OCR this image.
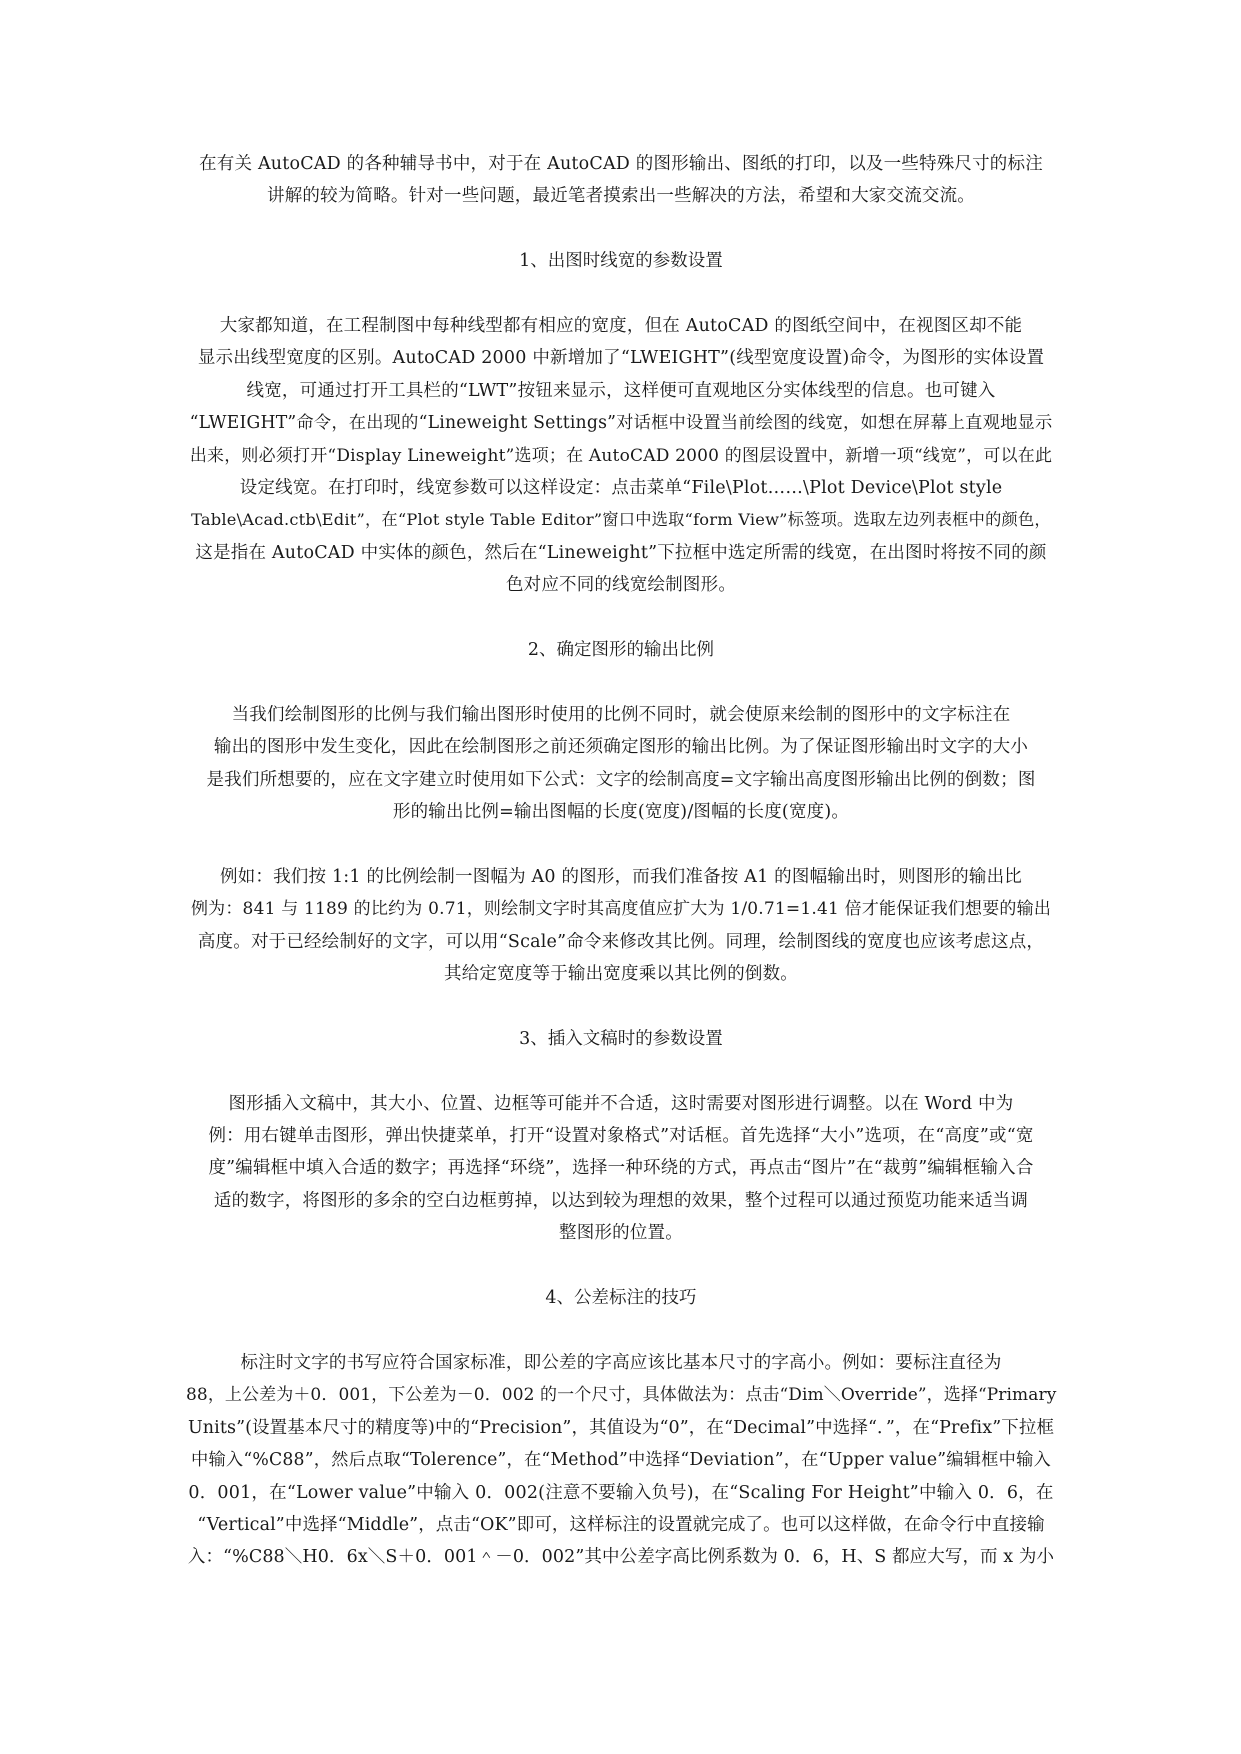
在有关 AutoCAD 的各种辅导书中，对于在 AutoCAD 的图形输出、图纸的打印，以及一些特殊尺寸的标注
讲解的较为简略。针对一些问题，最近笔者摸索出一些解决的方法，希望和大家交流交流。
1、出图时线宽的参数设置
大家都知道，在工程制图中每种线型都有相应的宽度，但在 AutoCAD 的图纸空间中，在视图区却不能
显示出线型宽度的区别。AutoCAD 2000 中新增加了“LWEIGHT”(线型宽度设置)命令，为图形的实体设置
线宽，可通过打开工具栏的“LWT”按钮来显示，这样便可直观地区分实体线型的信息。也可键入
“LWEIGHT”命令，在出现的“Lineweight Settings”对话框中设置当前绘图的线宽，如想在屏幕上直观地显示
出来，则必须打开“Display Lineweight”选项；在 AutoCAD 2000 的图层设置中，新增一项“线宽”，可以在此
设定线宽。在打印时，线宽参数可以这样设定：点击菜单“File\Plot……\Plot Device\Plot style
Table\Acad.ctb\Edit”，在“Plot style Table Editor”窗口中选取“form View”标签项。选取左边列表框中的颜色，
这是指在 AutoCAD 中实体的颜色，然后在“Lineweight”下拉框中选定所需的线宽，在出图时将按不同的颜
色对应不同的线宽绘制图形。
2、确定图形的输出比例
当我们绘制图形的比例与我们输出图形时使用的比例不同时，就会使原来绘制的图形中的文字标注在
输出的图形中发生变化，因此在绘制图形之前还须确定图形的输出比例。为了保证图形输出时文字的大小
是我们所想要的，应在文字建立时使用如下公式：文字的绘制高度=文字输出高度图形输出比例的倒数；图
形的输出比例=输出图幅的长度(宽度)/图幅的长度(宽度)。
例如：我们按 1:1 的比例绘制一图幅为 A0 的图形，而我们准备按 A1 的图幅输出时，则图形的输出比
例为：841 与 1189 的比约为 0.71，则绘制文字时其高度值应扩大为 1/0.71=1.41 倍才能保证我们想要的输出
高度。对于已经绘制好的文字，可以用“Scale”命令来修改其比例。同理，绘制图线的宽度也应该考虑这点，
其给定宽度等于输出宽度乘以其比例的倒数。
3、插入文稿时的参数设置
图形插入文稿中，其大小、位置、边框等可能并不合适，这时需要对图形进行调整。以在 Word 中为
例：用右键单击图形，弹出快捷菜单，打开“设置对象格式”对话框。首先选择“大小”选项，在“高度”或“宽
度”编辑框中填入合适的数字；再选择“环绕”，选择一种环绕的方式，再点击“图片”在“裁剪”编辑框输入合
适的数字，将图形的多余的空白边框剪掉，以达到较为理想的效果，整个过程可以通过预览功能来适当调
整图形的位置。
4、公差标注的技巧
标注时文字的书写应符合国家标准，即公差的字高应该比基本尺寸的字高小。例如：要标注直径为
88，上公差为＋0．001，下公差为－0．002 的一个尺寸，具体做法为：点击“Dim＼Override”，选择“Primary
Units”(设置基本尺寸的精度等)中的“Precision”，其值设为“0”，在“Decimal”中选择“．”，在“Prefix”下拉框
中输入“%C88”，然后点取“Tolerence”，在“Method”中选择“Deviation”，在“Upper value”编辑框中输入
0．001，在“Lower value”中输入 0．002(注意不要输入负号)，在“Scaling For Height”中输入 0．6，在
“Vertical”中选择“Middle”，点击“OK”即可，这样标注的设置就完成了。也可以这样做，在命令行中直接输
入：“%C88＼H0．6x＼S＋0．001＾－0．002”其中公差字高比例系数为 0．6，H、S 都应大写，而 x 为小
